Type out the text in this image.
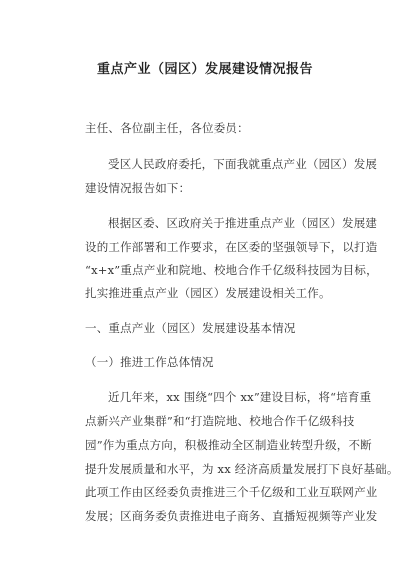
重点产业（园区）发展建设情况报告
主任、各位副主任，各位委员：
受区人民政府委托，下面我就重点产业（园区）发展
建设情况报告如下：
根据区委、区政府关于推进重点产业（园区）发展建
设的工作部署和工作要求，在区委的坚强领导下，以打造
“x+x”重点产业和院地、校地合作千亿级科技园为目标，
扎实推进重点产业（园区）发展建设相关工作。
一、重点产业（园区）发展建设基本情况
（一）推进工作总体情况
近几年来，xx 围绕“四个 xx”建设目标，将“培育重
点新兴产业集群”和“打造院地、校地合作千亿级科技
园”作为重点方向，积极推动全区制造业转型升级，不断
提升发展质量和水平，为 xx 经济高质量发展打下良好基础。
此项工作由区经委负责推进三个千亿级和工业互联网产业
发展；区商务委负责推进电子商务、直播短视频等产业发
